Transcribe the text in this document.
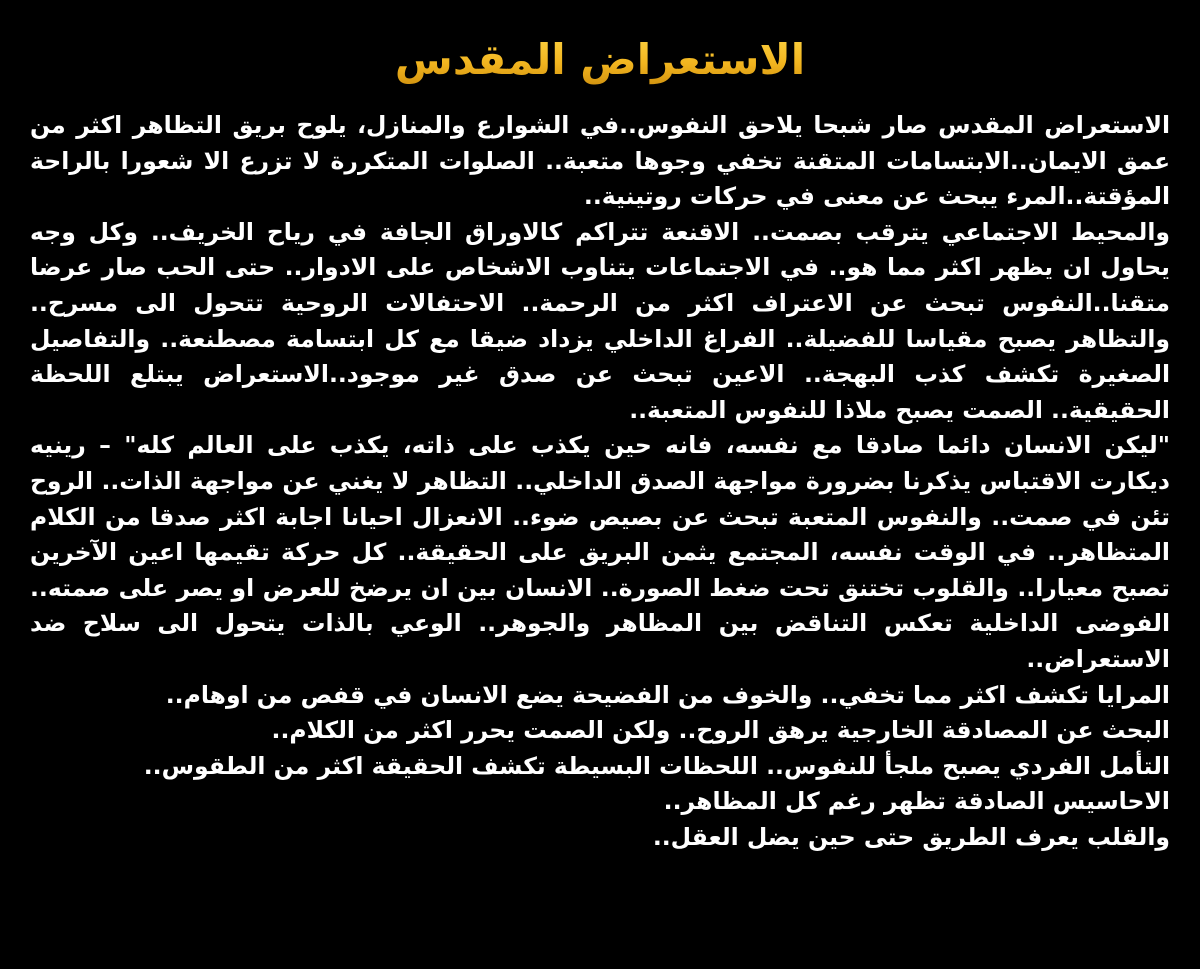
الاستعراض المقدس

الاستعراض المقدس صار شبحا يلاحق النفوس..في الشوارع والمنازل، يلوح بريق التظاهر اكثر من عمق الايمان..الابتسامات المتقنة تخفي وجوها متعبة.. الصلوات المتكررة لا تزرع الا شعورا بالراحة المؤقتة..المرء يبحث عن معنى في حركات روتينية..

والمحيط الاجتماعي يترقب بصمت.. الاقنعة تتراكم كالاوراق الجافة في رياح الخريف.. وكل وجه يحاول ان يظهر اكثر مما هو.. في الاجتماعات يتناوب الاشخاص على الادوار.. حتى الحب صار عرضا متقنا..النفوس تبحث عن الاعتراف اكثر من الرحمة.. الاحتفالات الروحية تتحول الى مسرح.. والتظاهر يصبح مقياسا للفضيلة.. الفراغ الداخلي يزداد ضيقا مع كل ابتسامة مصطنعة.. والتفاصيل الصغيرة تكشف كذب البهجة.. الاعين تبحث عن صدق غير موجود..الاستعراض يبتلع اللحظة الحقيقية.. الصمت يصبح ملاذا للنفوس المتعبة..

"ليكن الانسان دائما صادقا مع نفسه، فانه حين يكذب على ذاته، يكذب على العالم كله" – رينيه ديكارت الاقتباس يذكرنا بضرورة مواجهة الصدق الداخلي.. التظاهر لا يغني عن مواجهة الذات.. الروح تئن في صمت.. والنفوس المتعبة تبحث عن بصيص ضوء.. الانعزال احيانا اجابة اكثر صدقا من الكلام المتظاهر.. في الوقت نفسه، المجتمع يثمن البريق على الحقيقة.. كل حركة تقيمها اعين الآخرين تصبح معيارا.. والقلوب تختنق تحت ضغط الصورة.. الانسان بين ان يرضخ للعرض او يصر على صمته.. الفوضى الداخلية تعكس التناقض بين المظاهر والجوهر.. الوعي بالذات يتحول الى سلاح ضد الاستعراض..

المرايا تكشف اكثر مما تخفي.. والخوف من الفضيحة يضع الانسان في قفص من اوهام..

البحث عن المصادقة الخارجية يرهق الروح.. ولكن الصمت يحرر اكثر من الكلام..

التأمل الفردي يصبح ملجأ للنفوس.. اللحظات البسيطة تكشف الحقيقة اكثر من الطقوس..

الاحاسيس الصادقة تظهر رغم كل المظاهر..

والقلب يعرف الطريق حتى حين يضل العقل..
